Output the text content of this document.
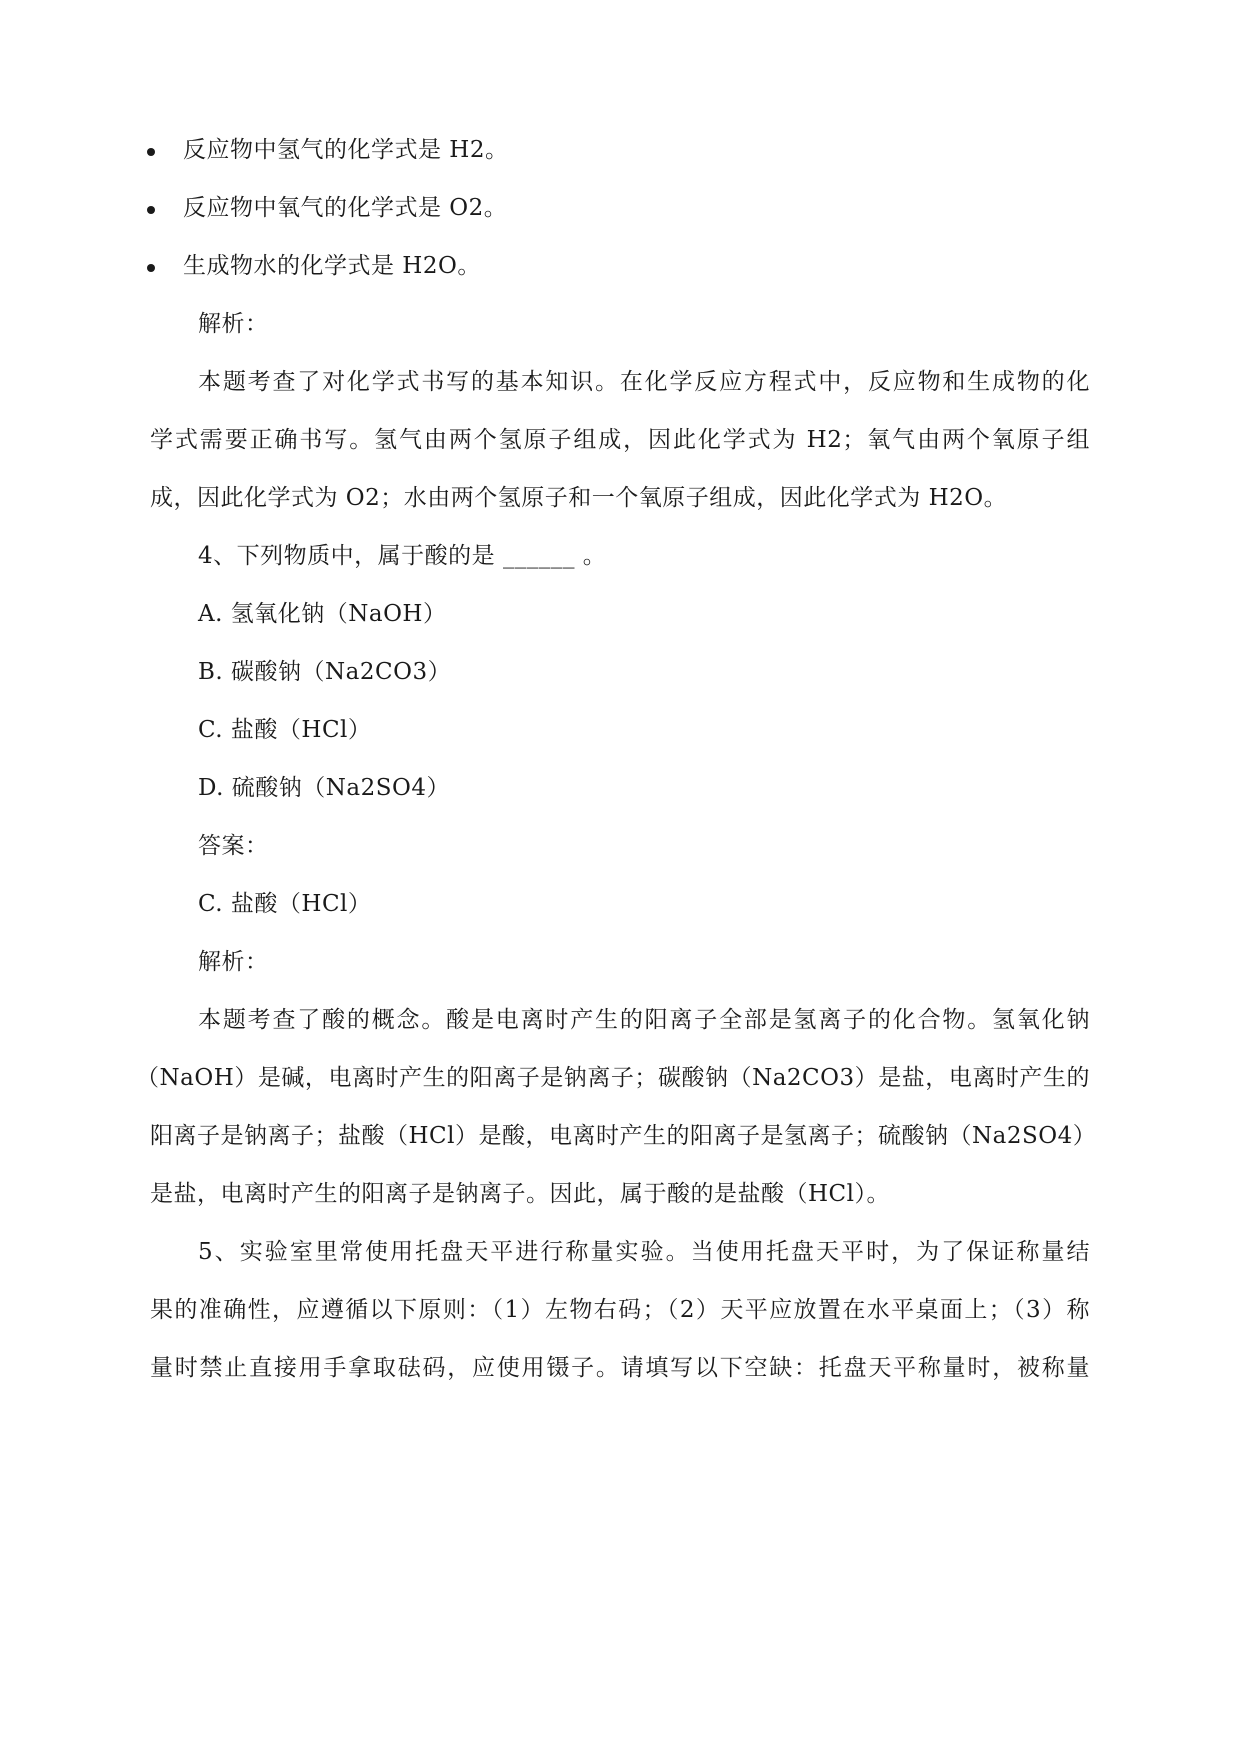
反应物中氢气的化学式是 H2。
反应物中氧气的化学式是 O2。
生成物水的化学式是 H2O。
解析：
本题考查了对化学式书写的基本知识。在化学反应方程式中，反应物和生成物的化
学式需要正确书写。氢气由两个氢原子组成，因此化学式为 H2；氧气由两个氧原子组
成，因此化学式为 O2；水由两个氢原子和一个氧原子组成，因此化学式为 H2O。
4、下列物质中，属于酸的是 ______ 。
A. 氢氧化钠（NaOH）
B. 碳酸钠（Na2CO3）
C. 盐酸（HCl）
D. 硫酸钠（Na2SO4）
答案：
C. 盐酸（HCl）
解析：
本题考查了酸的概念。酸是电离时产生的阳离子全部是氢离子的化合物。氢氧化钠
（NaOH）是碱，电离时产生的阳离子是钠离子；碳酸钠（Na2CO3）是盐，电离时产生的
阳离子是钠离子；盐酸（HCl）是酸，电离时产生的阳离子是氢离子；硫酸钠（Na2SO4）
是盐，电离时产生的阳离子是钠离子。因此，属于酸的是盐酸（HCl）。
5、实验室里常使用托盘天平进行称量实验。当使用托盘天平时，为了保证称量结
果的准确性，应遵循以下原则：（1）左物右码；（2）天平应放置在水平桌面上；（3）称
量时禁止直接用手拿取砝码，应使用镊子。请填写以下空缺：托盘天平称量时，被称量
